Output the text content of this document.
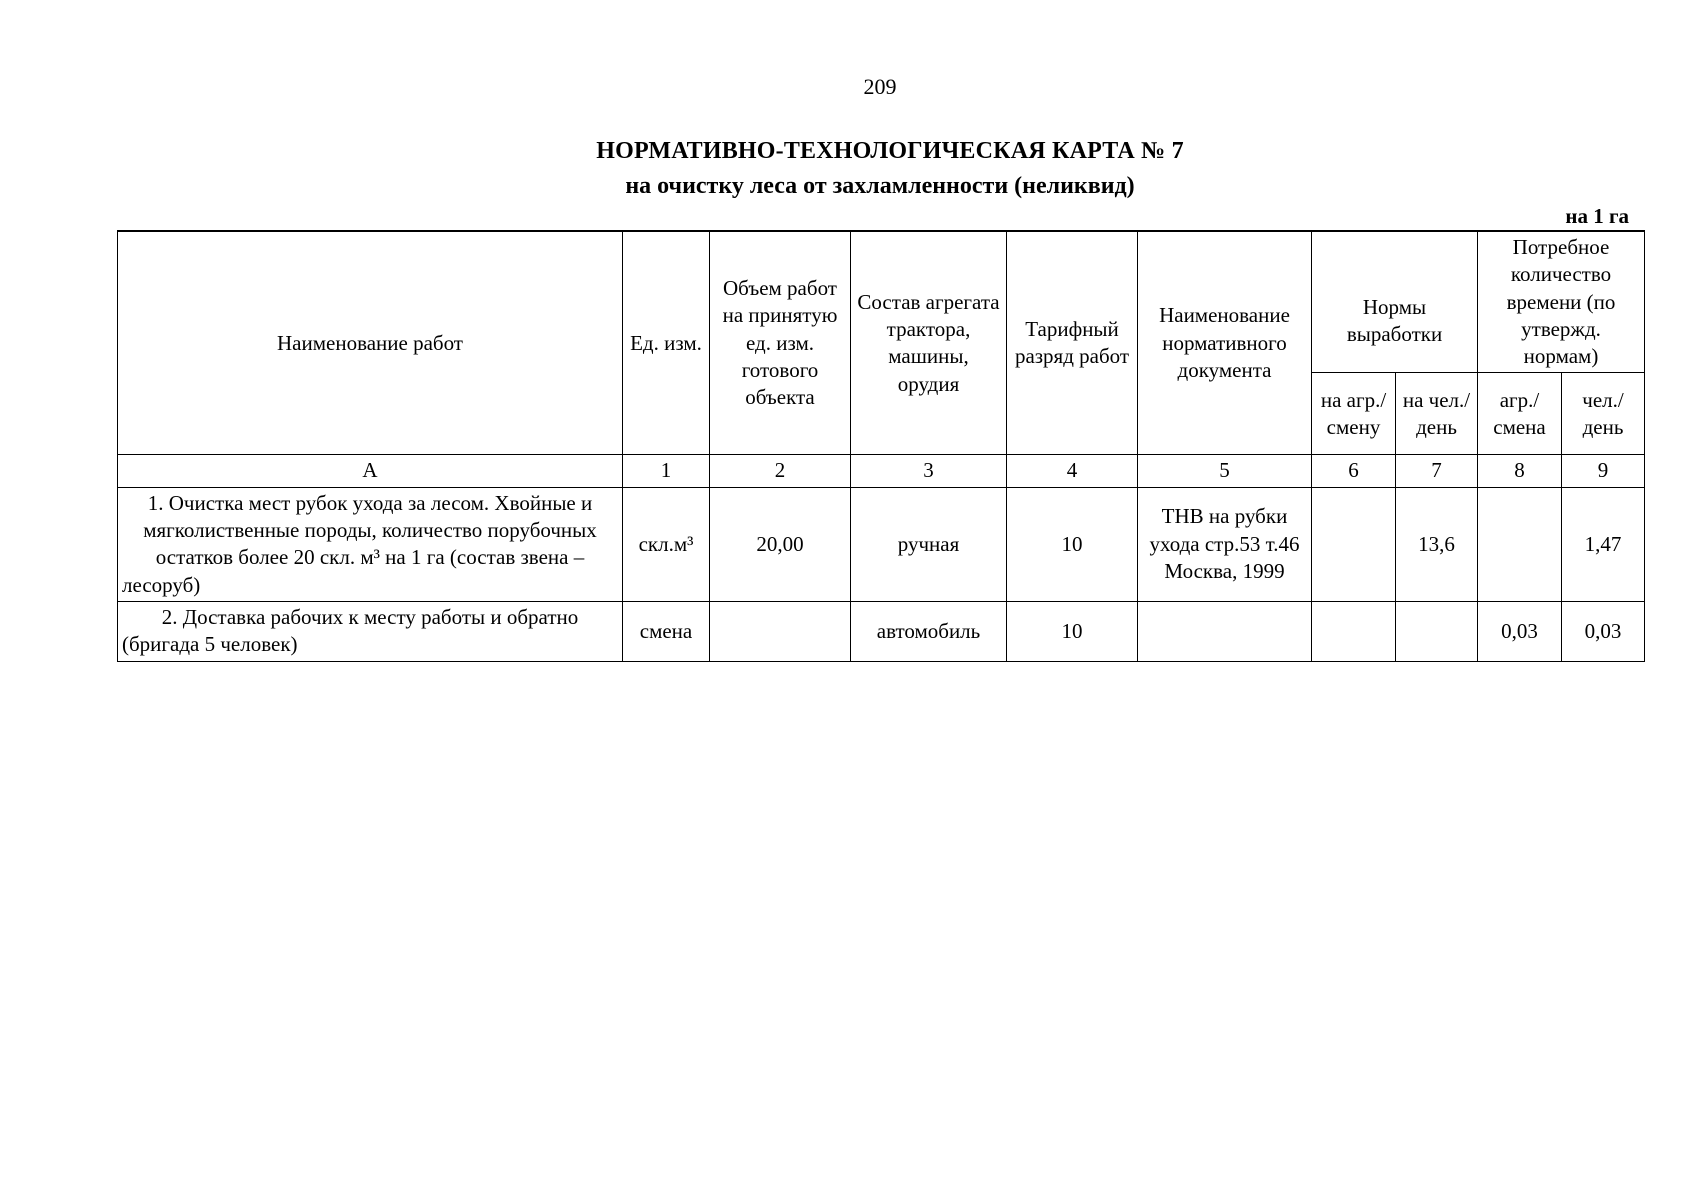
209
НОРМАТИВНО-ТЕХНОЛОГИЧЕСКАЯ КАРТА № 7
на очистку леса от захламленности (неликвид)
на 1 га
Наименование работ	Ед. изм.	Объем работ на принятую ед. изм. готового объекта	Состав агрегата трактора, машины, орудия	Тарифный разряд работ	Наименование нормативного документа	Нормы выработки		Потребное количество времени (по утвержд. нормам)	
						на агр./ смену	на чел./ день	агр./ смена	чел./ день
А	1	2	3	4	5	6	7	8	9
1. Очистка мест рубок ухода за лесом. Хвойные и мягколиственные породы, количество порубочных остатков более 20 скл. м³ на 1 га (состав звена – лесоруб)	скл.м³	20,00	ручная	10	ТНВ на рубки ухода стр.53 т.46 Москва, 1999		13,6		1,47
2. Доставка рабочих к месту работы и обратно (бригада 5 человек)	смена		автомобиль	10				0,03	0,03
